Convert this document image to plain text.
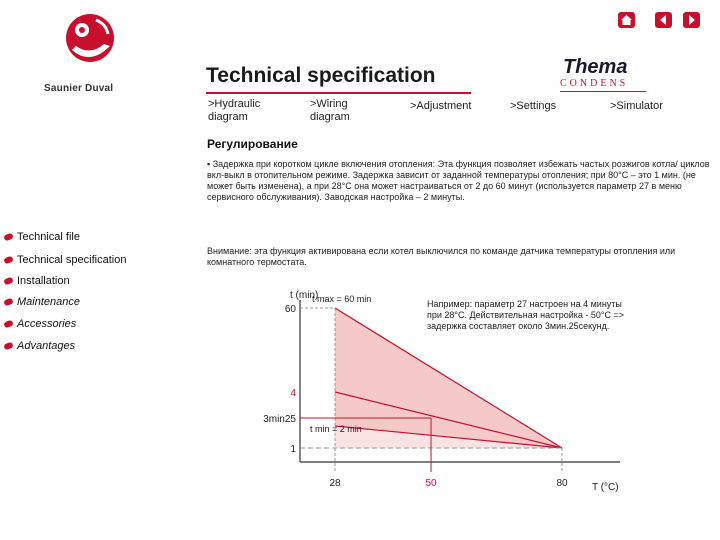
Saunier Duval
Technical specification	Thema
CONDENS
>Hydraulic diagram
>Wiring diagram
>Adjustment	>Settings	>Simulator
Регулирование
▪ Задержка при коротком цикле включения отопления: Эта функция позволяет избежать частых розжигов котла/ циклов вкл-выкл в отопительном режиме. Задержка зависит от заданной температуры отопления; при 80°C – это 1 мин. (не может быть изменена), а при 28°C она может настраиваться от 2 до 60 минут (используется параметр 27 в меню сервисного обслуживания). Заводская настройка – 2 минуты.
Внимание: эта функция активирована если котел выключился по команде датчика температуры отопления или комнатного термостата.
Technical file
Technical specification
Installation
Maintenance
Accessories
Advantages
Например: параметр 27 настроен на 4 минуты при 28°C. Действительная настройка - 50°C => задержка составляет около 3мин.25секунд.
60
4
3min25
1
28	50	80
t (min)
T (°C)
t max = 60 min
t min = 2 min
